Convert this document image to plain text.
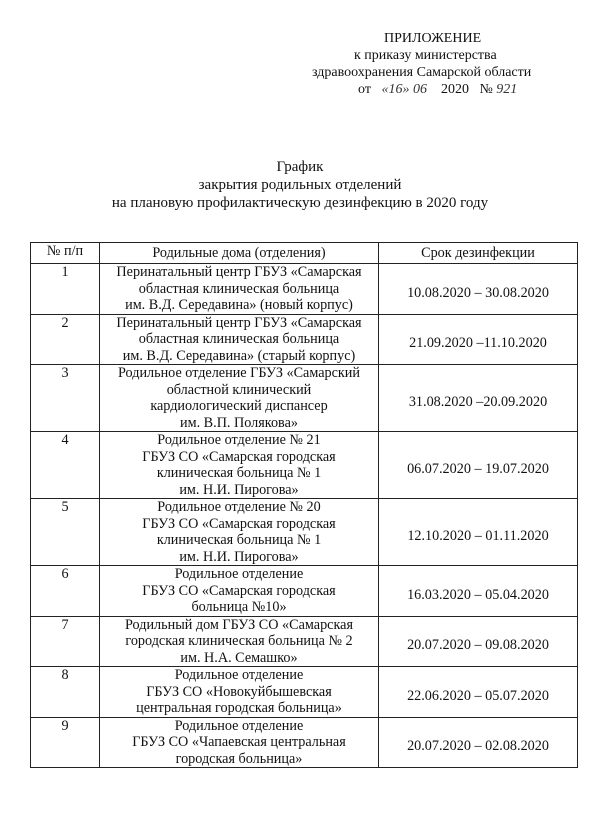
ПРИЛОЖЕНИЕ
к приказу министерства
здравоохранения Самарской области
от «16» 06 2020 № 921
График
закрытия родильных отделений
на плановую профилактическую дезинфекцию в 2020 году
№ п/п	Родильные дома (отделения)	Срок дезинфекции
1	Перинатальный центр ГБУЗ «Самарская
областная клиническая больница
им. В.Д. Середавина» (новый корпус)	10.08.2020 – 30.08.2020
2	Перинатальный центр ГБУЗ «Самарская
областная клиническая больница
им. В.Д. Середавина» (старый корпус)	21.09.2020 –11.10.2020
3	Родильное отделение ГБУЗ «Самарский
областной клинический
кардиологический диспансер
им. В.П. Полякова»	31.08.2020 –20.09.2020
4	Родильное отделение № 21
ГБУЗ СО «Самарская городская
клиническая больница № 1
им. Н.И. Пирогова»	06.07.2020 – 19.07.2020
5	Родильное отделение № 20
ГБУЗ СО «Самарская городская
клиническая больница № 1
им. Н.И. Пирогова»	12.10.2020 – 01.11.2020
6	Родильное отделение
ГБУЗ СО «Самарская городская
больница №10»	16.03.2020 – 05.04.2020
7	Родильный дом ГБУЗ СО «Самарская
городская клиническая больница № 2
им. Н.А. Семашко»	20.07.2020 – 09.08.2020
8	Родильное отделение
ГБУЗ СО «Новокуйбышевская
центральная городская больница»	22.06.2020 – 05.07.2020
9	Родильное отделение
ГБУЗ СО «Чапаевская центральная
городская больница»	20.07.2020 – 02.08.2020
